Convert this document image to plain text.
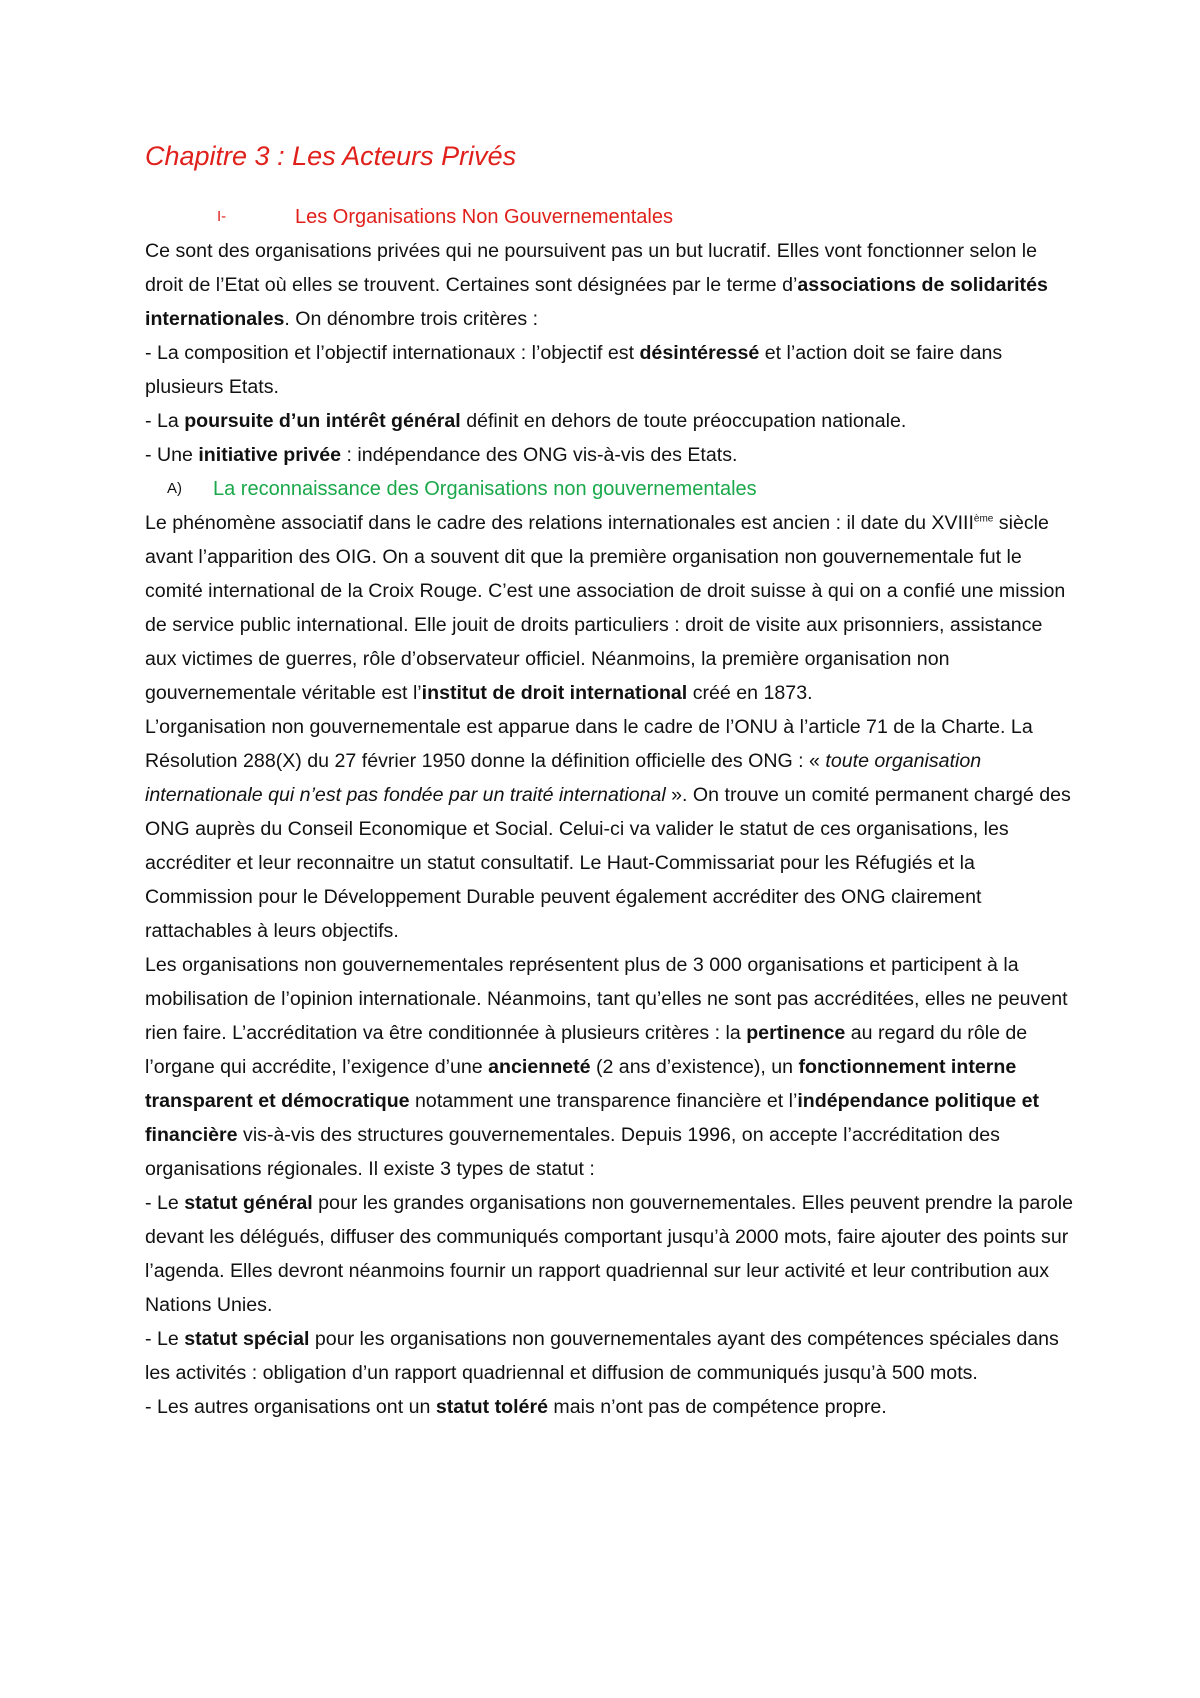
Chapitre 3 : Les Acteurs Privés
I-	Les Organisations Non Gouvernementales

Ce sont des organisations privées qui ne poursuivent pas un but lucratif. Elles vont fonctionner selon le droit de l’Etat où elles se trouvent. Certaines sont désignées par le terme d’associations de solidarités internationales. On dénombre trois critères :

- La composition et l’objectif internationaux : l’objectif est désintéressé et l’action doit se faire dans plusieurs Etats.

- La poursuite d’un intérêt général définit en dehors de toute préoccupation nationale.

- Une initiative privée : indépendance des ONG vis-à-vis des Etats.

A)	La reconnaissance des Organisations non gouvernementales

Le phénomène associatif dans le cadre des relations internationales est ancien : il date du XVIIIème siècle avant l’apparition des OIG. On a souvent dit que la première organisation non gouvernementale fut le comité international de la Croix Rouge. C’est une association de droit suisse à qui on a confié une mission de service public international. Elle jouit de droits particuliers : droit de visite aux prisonniers, assistance aux victimes de guerres, rôle d’observateur officiel. Néanmoins, la première organisation non gouvernementale véritable est l’institut de droit international créé en 1873.

L’organisation non gouvernementale est apparue dans le cadre de l’ONU à l’article 71 de la Charte. La Résolution 288(X) du 27 février 1950 donne la définition officielle des ONG : « toute organisation internationale qui n’est pas fondée par un traité international ». On trouve un comité permanent chargé des ONG auprès du Conseil Economique et Social. Celui-ci va valider le statut de ces organisations, les accréditer et leur reconnaitre un statut consultatif. Le Haut-Commissariat pour les Réfugiés et la Commission pour le Développement Durable peuvent également accréditer des ONG clairement rattachables à leurs objectifs.

Les organisations non gouvernementales représentent plus de 3 000 organisations et participent à la mobilisation de l’opinion internationale. Néanmoins, tant qu’elles ne sont pas accréditées, elles ne peuvent rien faire. L’accréditation va être conditionnée à plusieurs critères : la pertinence au regard du rôle de l’organe qui accrédite, l’exigence d’une ancienneté (2 ans d’existence), un fonctionnement interne transparent et démocratique notamment une transparence financière et l’indépendance politique et financière vis-à-vis des structures gouvernementales. Depuis 1996, on accepte l’accréditation des organisations régionales. Il existe 3 types de statut :

- Le statut général pour les grandes organisations non gouvernementales. Elles peuvent prendre la parole devant les délégués, diffuser des communiqués comportant jusqu’à 2000 mots, faire ajouter des points sur l’agenda. Elles devront néanmoins fournir un rapport quadriennal sur leur activité et leur contribution aux Nations Unies.

- Le statut spécial pour les organisations non gouvernementales ayant des compétences spéciales dans les activités : obligation d’un rapport quadriennal et diffusion de communiqués jusqu’à 500 mots.

- Les autres organisations ont un statut toléré mais n’ont pas de compétence propre.
